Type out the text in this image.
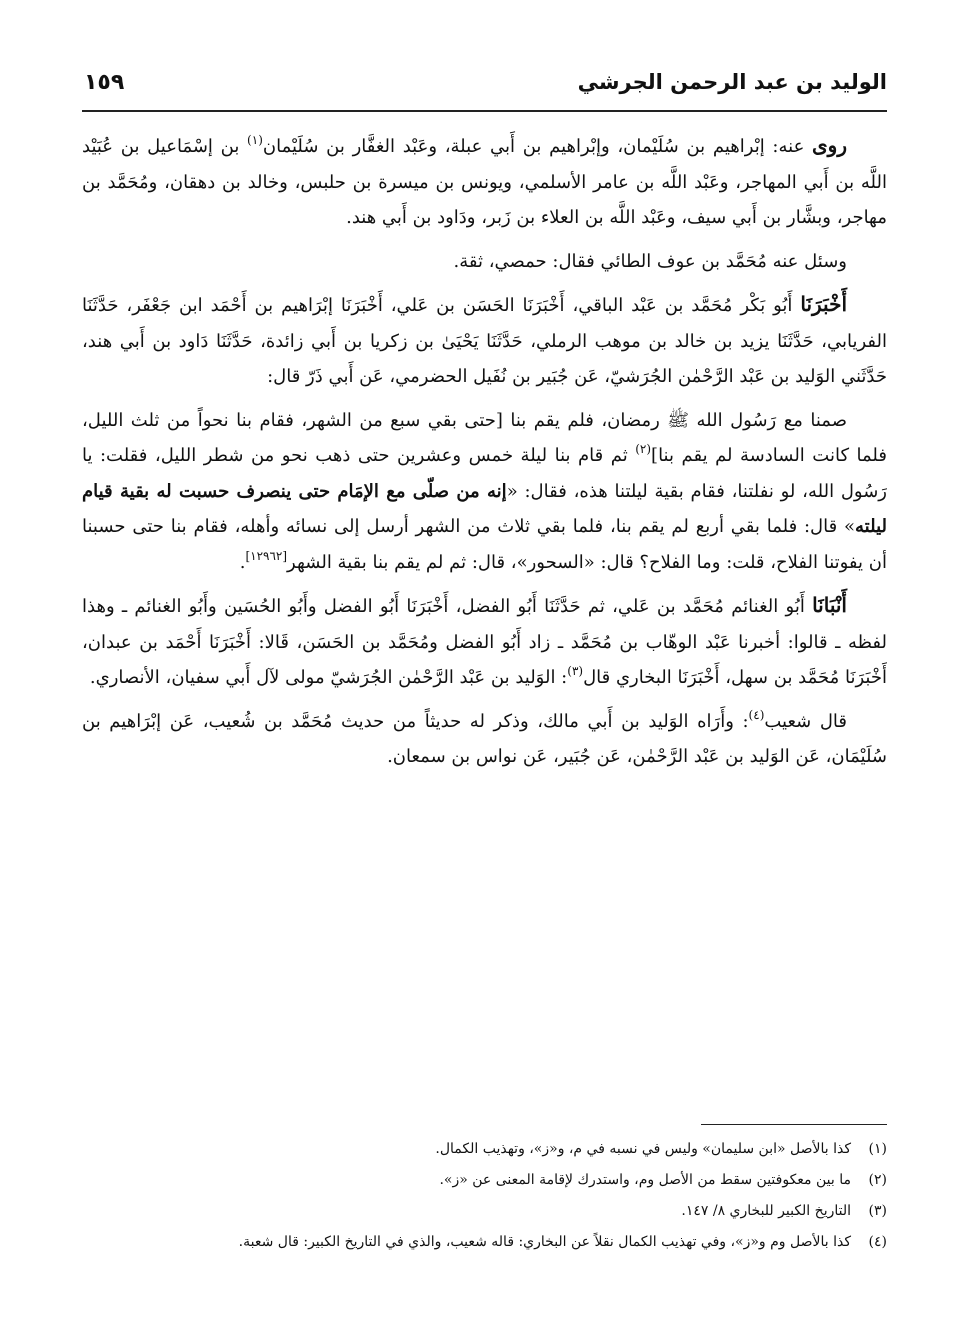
الوليد بن عبد الرحمن الجرشي
١٥٩

روى عنه: إبْراهيم بن سُلَيْمان، وإبْراهيم بن أَبي عبلة، وعَبْد الغفَّار بن سُلَيْمان$^{(١)}$ بن إسْمَاعيل بن عُبَيْد اللَّه بن أَبي المهاجر، وعَبْد اللَّه بن عامر الأسلمي، ويونس بن ميسرة بن حلبس، وخالد بن دهقان، ومُحَمَّد بن مهاجر، وبشَّار بن أَبي سيف، وعَبْد اللَّه بن العلاء بن زَبر، ودَاود بن أَبي هند.

وسئل عنه مُحَمَّد بن عوف الطائي فقال: حمصي، ثقة.

أَخْبَرَنَا أَبُو بَكْر مُحَمَّد بن عَبْد الباقي، أَخْبَرَنَا الحَسَن بن عَلي، أَخْبَرَنَا إبْرَاهيم بن أَحْمَد ابن جَعْفَر، حَدَّثَنَا الفريابي، حَدَّثَنَا يزيد بن خالد بن موهب الرملي، حَدَّثَنَا يَحْيَىٰ بن زكريا بن أَبي زائدة، حَدَّثَنَا دَاود بن أَبي هند، حَدَّثَني الوَليد بن عَبْد الرَّحْمٰن الجُرَشيّ، عَن جُبَير بن نُفَيل الحضرمي، عَن أَبي ذَرّ قال:

صمنا مع رَسُول الله ﷺ رمضان، فلم يقم بنا [حتى بقي سبع من الشهر، فقام بنا نحواً من ثلث الليل، فلما كانت السادسة لم يقم بنا]$^{(٢)}$ ثم قام بنا ليلة خمس وعشرين حتى ذهب نحو من شطر الليل، فقلت: يا رَسُول الله، لو نفلتنا، فقام بقية ليلتنا هذه، فقال: «إنه من صلّى مع الإمَام حتى ينصرف حسبت له بقية قيام ليلته» قال: فلما بقي أربع لم يقم بنا، فلما بقي ثلاث من الشهر أرسل إلى نسائه وأهله، فقام بنا حتى حسبنا أن يفوتنا الفلاح، قلت: وما الفلاح؟ قال: «السحور»، قال: ثم لم يقم بنا بقية الشهر[١٢٩٦٢].

أَنْبَانَا أَبُو الغنائم مُحَمَّد بن عَلي، ثم حَدَّثَنَا أَبُو الفضل، أَخْبَرَنَا أَبُو الفضل وأَبُو الحُسَين وأَبُو الغنائم ـ وهذا لفظه ـ قالوا: أخبرنا عَبْد الوهّاب بن مُحَمَّد ـ زاد أَبُو الفضل ومُحَمَّد بن الحَسَن، قَالا: أَخْبَرَنَا أَحْمَد بن عبدان، أَخْبَرَنَا مُحَمَّد بن سهل، أَخْبَرَنَا البخاري قال$^{(٣)}$: الوَليد بن عَبْد الرَّحْمٰن الجُرَشيّ مولى لآل أَبي سفيان، الأنصاري.

قال شعيب$^{(٤)}$: وأَرَاه الوَليد بن أَبي مالك، وذكر له حديثاً من حديث مُحَمَّد بن شُعيب، عَن إبْرَاهيم بن سُلَيْمَان، عَن الوَليد بن عَبْد الرَّحْمٰن، عَن جُبَير، عَن نواس بن سمعان.

(١)كذا بالأصل «ابن سليمان» وليس في نسبه في م، و«ز»، وتهذيب الكمال.
(٢)ما بين معكوفتين سقط من الأصل وم، واستدرك لإقامة المعنى عن «ز».
(٣)التاريخ الكبير للبخاري ٨/ ١٤٧.
(٤)كذا بالأصل وم و«ز»، وفي تهذيب الكمال نقلاً عن البخاري: قاله شعيب، والذي في التاريخ الكبير: قال شعبة.
